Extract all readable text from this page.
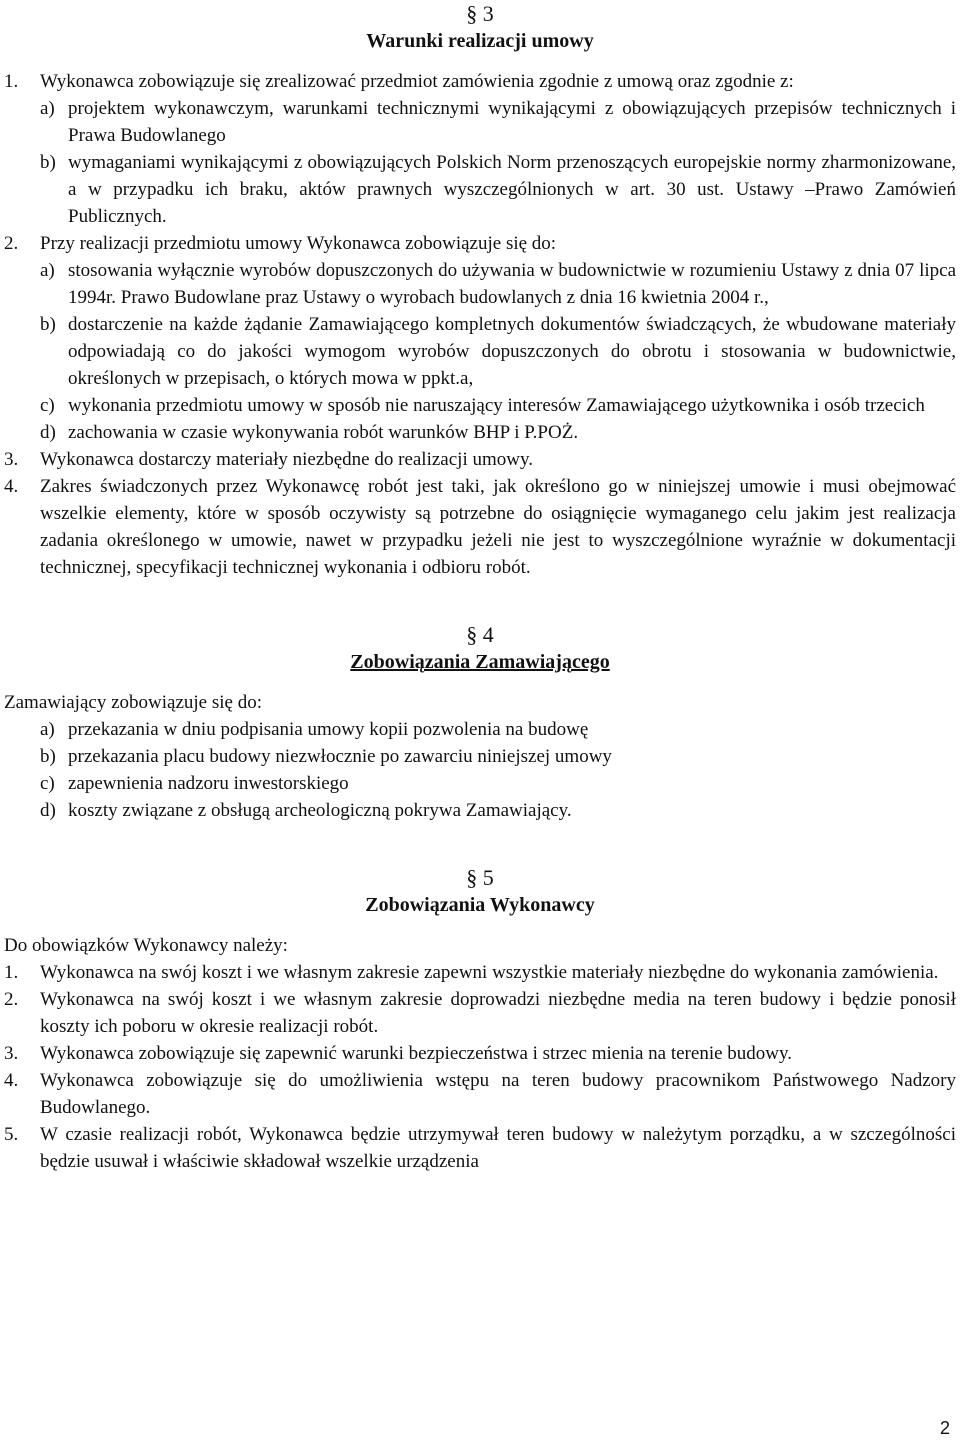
§ 3
Warunki realizacji umowy
1.	Wykonawca zobowiązuje się zrealizować przedmiot zamówienia zgodnie z umową oraz zgodnie z:
a) projektem wykonawczym, warunkami technicznymi wynikającymi z obowiązujących przepisów technicznych i Prawa Budowlanego
b) wymaganiami wynikającymi z obowiązujących Polskich Norm przenoszących europejskie normy zharmonizowane, a w przypadku ich braku, aktów prawnych wyszczególnionych w art. 30 ust. Ustawy –Prawo Zamówień Publicznych.
2.	Przy realizacji przedmiotu umowy Wykonawca zobowiązuje się do:
a) stosowania wyłącznie wyrobów dopuszczonych do używania w budownictwie w rozumieniu Ustawy z dnia 07 lipca 1994r. Prawo Budowlane praz Ustawy o wyrobach budowlanych z dnia 16 kwietnia 2004 r.,
b) dostarczenie na każde żądanie Zamawiającego kompletnych dokumentów świadczących, że wbudowane materiały odpowiadają co do jakości wymogom wyrobów dopuszczonych do obrotu i stosowania w budownictwie, określonych w przepisach, o których mowa w ppkt.a,
c) wykonania przedmiotu umowy w sposób nie naruszający interesów Zamawiającego użytkownika i osób trzecich
d) zachowania w czasie wykonywania robót warunków BHP i P.POŻ.
3.	Wykonawca dostarczy materiały niezbędne do realizacji umowy.
4.	Zakres świadczonych przez Wykonawcę robót jest taki, jak określono go w niniejszej umowie i musi obejmować wszelkie elementy, które w sposób oczywisty są potrzebne do osiągnięcie wymaganego celu jakim jest realizacja zadania określonego w umowie, nawet w przypadku jeżeli nie jest to wyszczególnione wyraźnie w dokumentacji technicznej, specyfikacji technicznej wykonania i odbioru robót.
§ 4
Zobowiązania Zamawiającego
Zamawiający zobowiązuje się do:
a) przekazania w dniu podpisania umowy kopii pozwolenia na budowę
b) przekazania placu budowy niezwłocznie po zawarciu niniejszej umowy
c) zapewnienia nadzoru inwestorskiego
d) koszty związane z obsługą archeologiczną pokrywa Zamawiający.
§ 5
Zobowiązania Wykonawcy
Do obowiązków Wykonawcy należy:
1.	Wykonawca na swój koszt i we własnym zakresie zapewni wszystkie materiały niezbędne do wykonania zamówienia.
2.	Wykonawca na swój koszt i we własnym zakresie doprowadzi niezbędne media na teren budowy i będzie ponosił koszty ich poboru w okresie realizacji robót.
3.	Wykonawca zobowiązuje się zapewnić warunki bezpieczeństwa i strzec mienia na terenie budowy.
4.	Wykonawca zobowiązuje się do umożliwienia wstępu na teren budowy pracownikom Państwowego Nadzory Budowlanego.
5.	W czasie realizacji robót, Wykonawca będzie utrzymywał teren budowy w należytym porządku, a w szczególności będzie usuwał i właściwie składował wszelkie urządzenia
2
